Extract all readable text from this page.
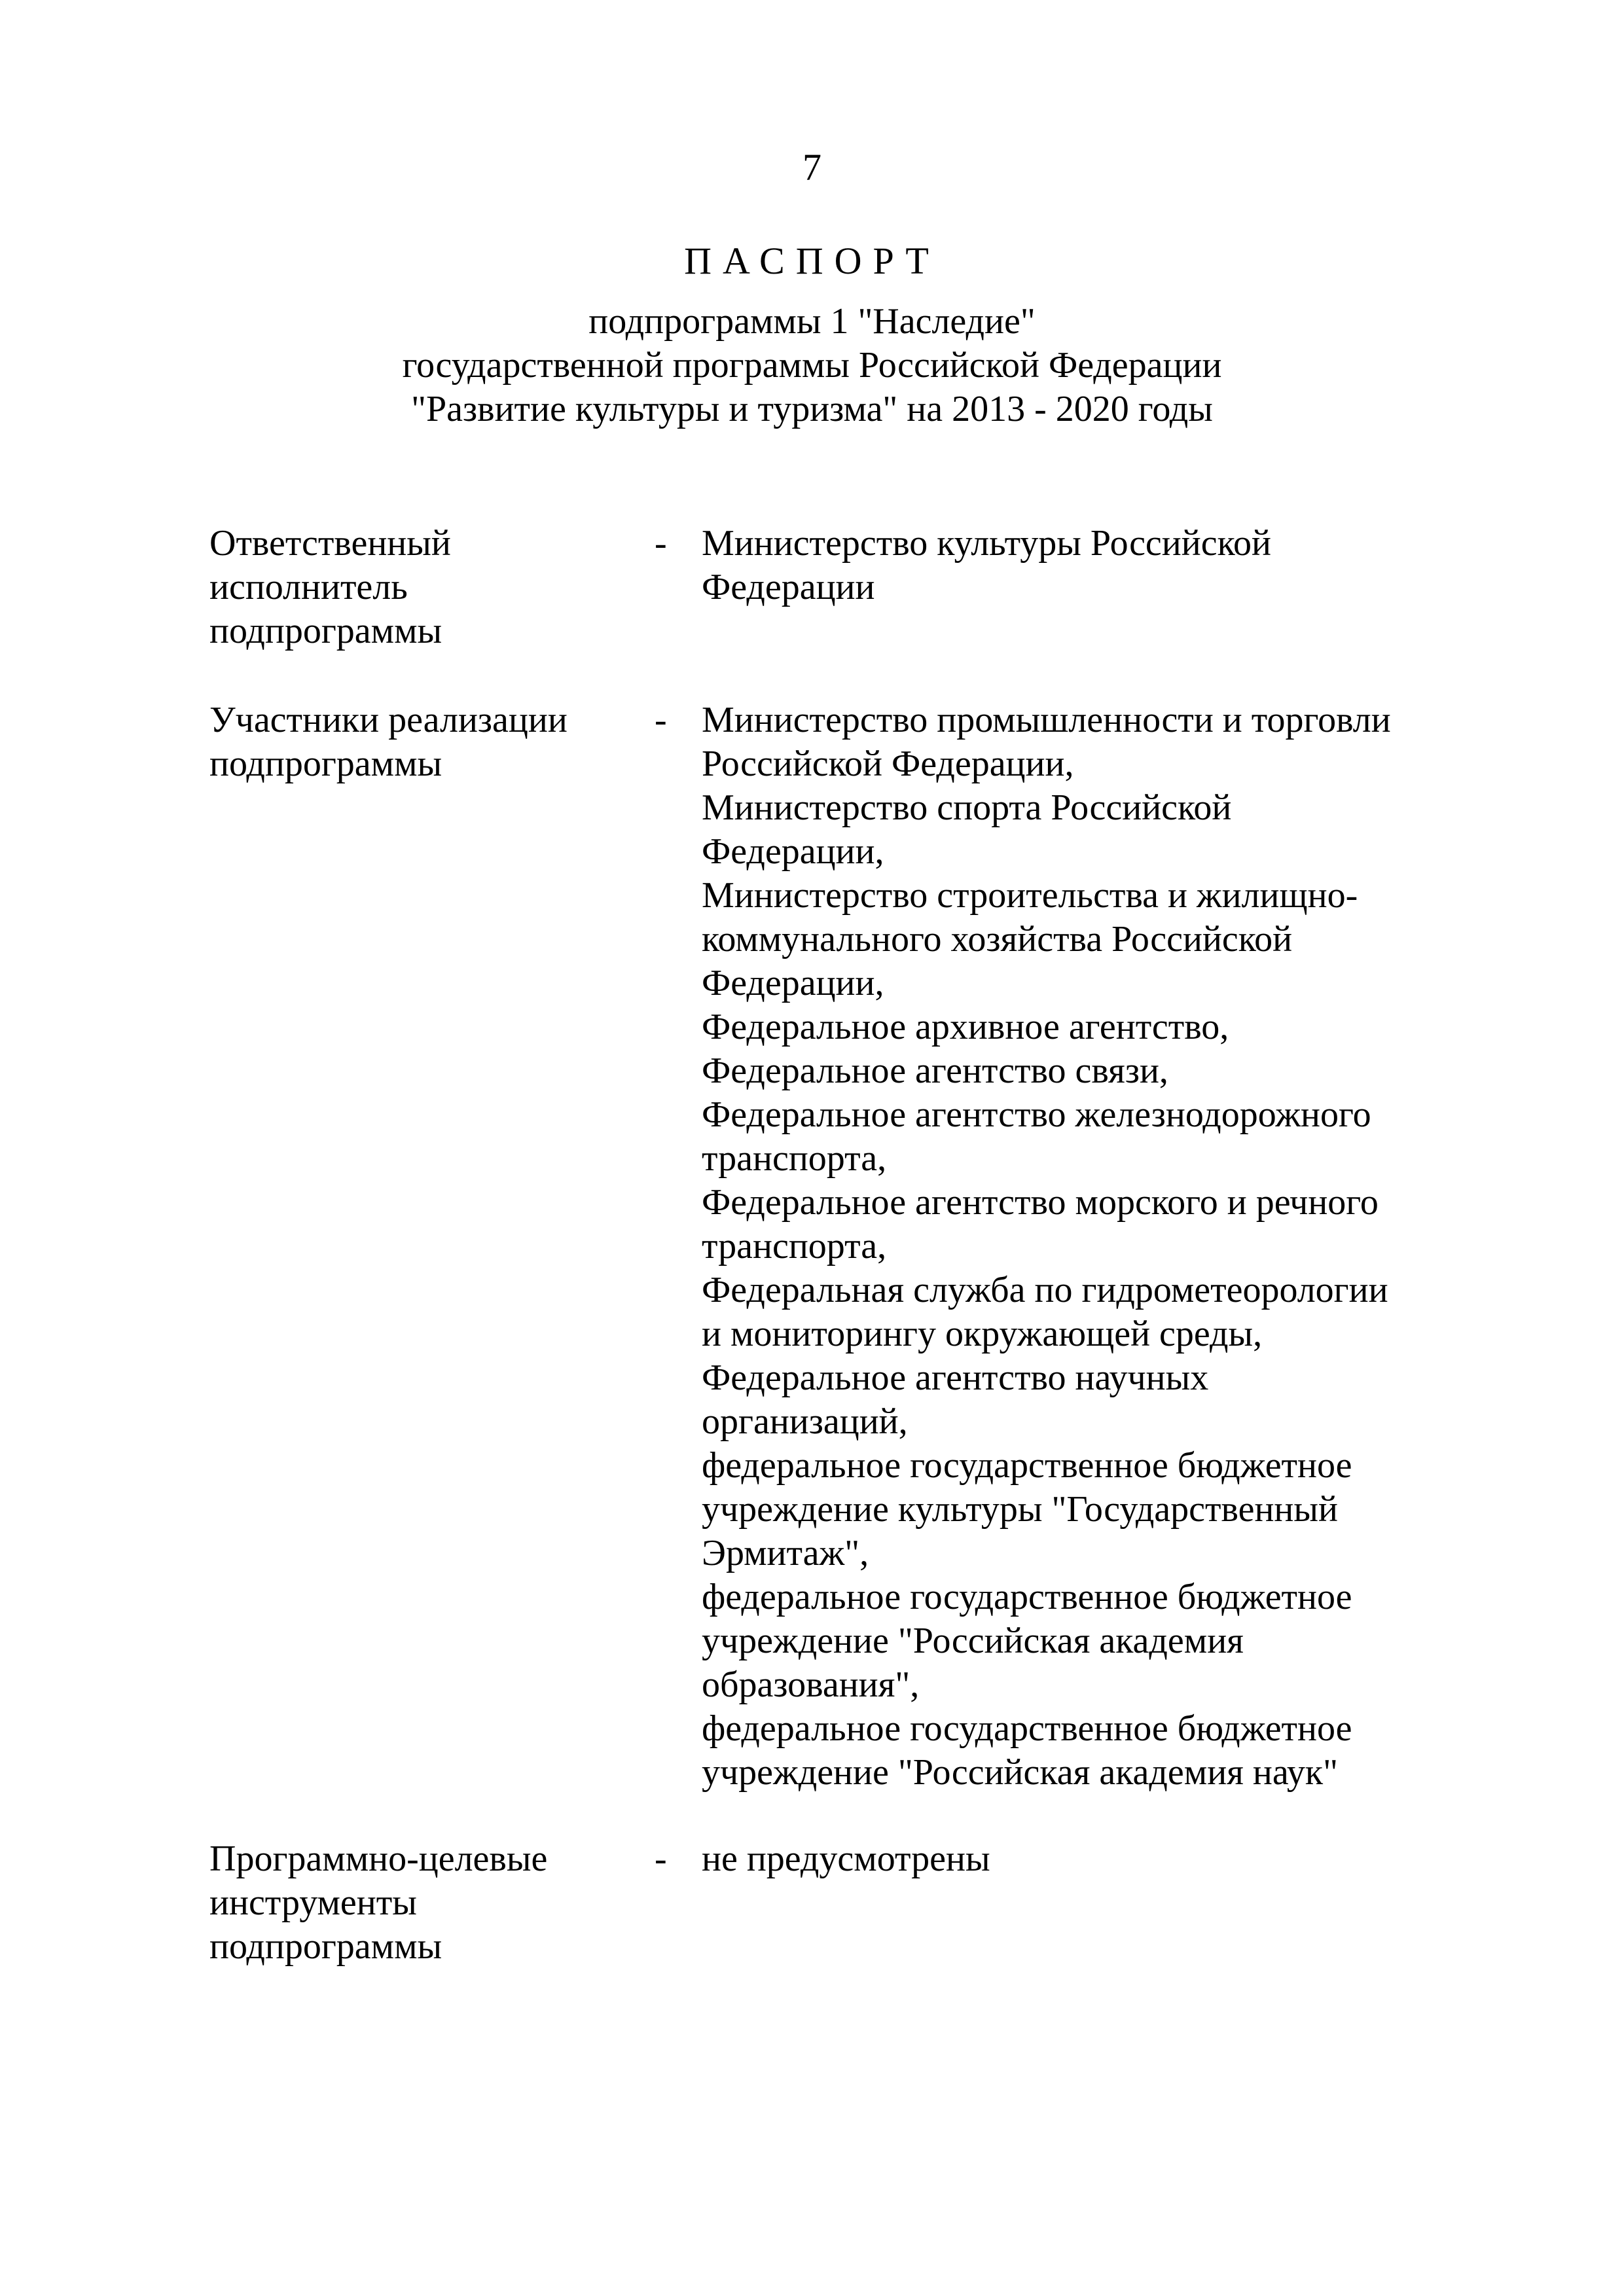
7
ПАСПОРТ
подпрограммы 1 "Наследие"
государственной программы Российской Федерации
"Развитие культуры и туризма" на 2013 - 2020 годы
Ответственный
исполнитель
подпрограммы
- Министерство культуры Российской
Федерации
Участники реализации
подпрограммы
- Министерство промышленности и торговли
Российской Федерации,
Министерство спорта Российской
Федерации,
Министерство строительства и жилищно-
коммунального хозяйства Российской
Федерации,
Федеральное архивное агентство,
Федеральное агентство связи,
Федеральное агентство железнодорожного
транспорта,
Федеральное агентство морского и речного
транспорта,
Федеральная служба по гидрометеорологии
и мониторингу окружающей среды,
Федеральное агентство научных
организаций,
федеральное государственное бюджетное
учреждение культуры "Государственный
Эрмитаж",
федеральное государственное бюджетное
учреждение "Российская академия
образования",
федеральное государственное бюджетное
учреждение "Российская академия наук"
Программно-целевые
инструменты
подпрограммы
- не предусмотрены
